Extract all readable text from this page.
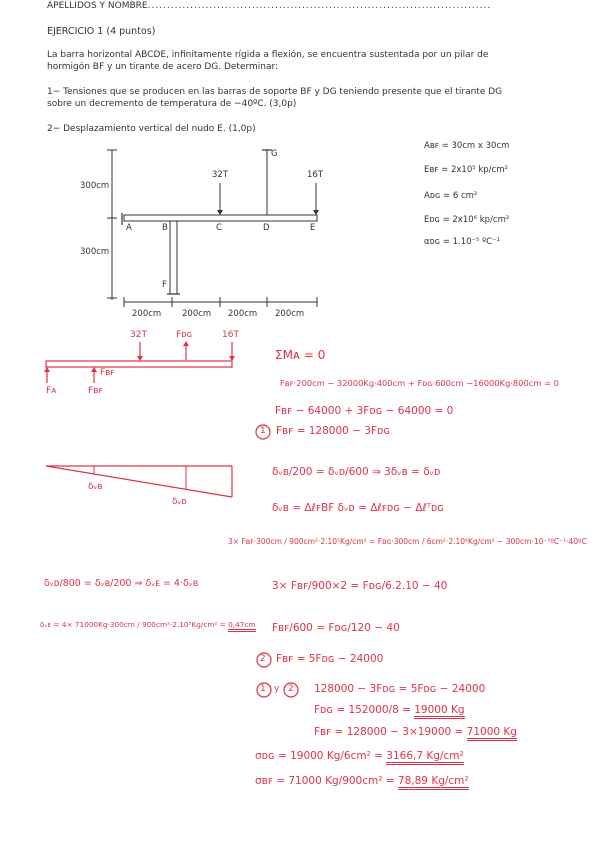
APELLIDOS Y NOMBRE.........................................................................................
EJERCICIO 1 (4 puntos)
La barra horizontal ABCDE, infinitamente rígida a flexión, se encuentra sustentada por un pilar de
hormigón BF y un tirante de acero DG. Determinar:
1− Tensiones que se producen en las barras de soporte BF y DG teniendo presente que el tirante DG
sobre un decremento de temperatura de −40ºC. (3,0p)
2− Desplazamiento vertical del nudo E. (1,0p)
300cm
300cm
32T	16T
G
A	B	C	D	E
F
200cm 200cm 200cm 200cm
Aʙꜰ = 30cm x 30cm
Eʙꜰ = 2x10⁵ kp/cm²
Aᴅɢ = 6 cm²
Eᴅɢ = 2x10⁶ kp/cm²
αᴅɢ = 1.10⁻⁵ ºC⁻¹
32T	Fᴅɢ	16T
Fʙꜰ
Fᴀ	Fʙꜰ
δᵥʙ
δᵥᴅ
ΣMᴀ = 0
Fʙꜰ·200cm − 32000Kg·400cm + Fᴅɢ·600cm −16000Kg·800cm = 0
Fʙꜰ − 64000 + 3Fᴅɢ − 64000 = 0
1 Fʙꜰ = 128000 − 3Fᴅɢ
δᵥʙ/200 = δᵥᴅ/600 ⇒ 3δᵥʙ = δᵥᴅ
δᵥʙ = ΔℓꜰBF δᵥᴅ = Δℓꜰᴅɢ − Δℓᵀᴅɢ
3× Fʙꜰ·300cm / 900cm²·2.10⁵Kg/cm² = Fᴅɢ·300cm / 6cm²·2.10⁶Kg/cm² − 300cm·10⁻⁵ºC⁻¹·40ºC
3× Fʙꜰ/900×2 = Fᴅɢ/6.2.10 − 40
Fʙꜰ/600 = Fᴅɢ/120 − 40
2 Fʙꜰ = 5Fᴅɢ − 24000
1 y 2 128000 − 3Fᴅɢ = 5Fᴅɢ − 24000
Fᴅɢ = 152000/8 = 19000 Kg
Fʙꜰ = 128000 − 3×19000 = 71000 Kg
σᴅɢ = 19000 Kg/6cm² = 3166,7 Kg/cm²
σʙꜰ = 71000 Kg/900cm² = 78,89 Kg/cm²
δᵥᴅ/800 = δᵥʙ/200 ⇒ δᵥᴇ = 4·δᵥʙ
δᵥᴇ = 4× 71000Kg·300cm / 900cm²·2.10⁵Kg/cm² = 0,47cm
